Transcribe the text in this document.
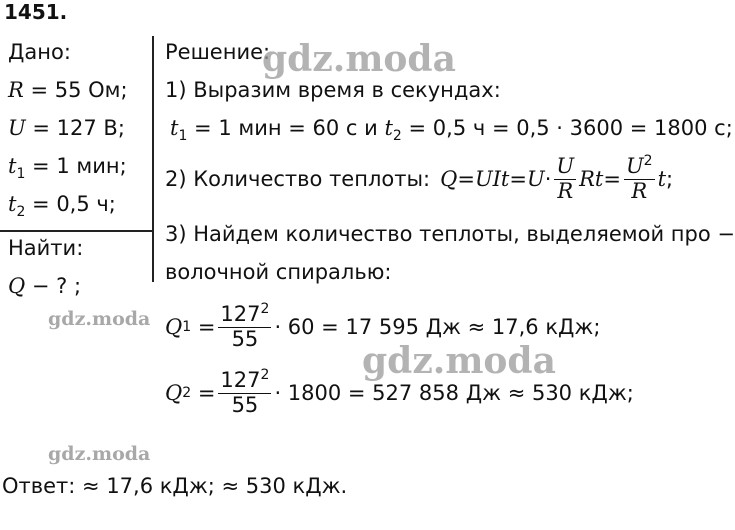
1451.
Дано:
R = 55 Ом;
U = 127 В;
$t_1 = 1$ мин;
$t_2 = 0,5$ ч;
Найти:
Q − ? ;
Решение:
1) Выразим время в секундах:
$t_1 = 1$ мин = 60 с и $t_2 = 0,5$ ч = 0,5 · 3600 = 1800 с;
2) Количество теплоты: Q = UIt = $U \cdot \frac{U}{R}$ $Rt = \frac{U^2}{R}$ t ;
3) Найдем количество теплоты, выделяемой про −
волочной спиралью:
Q $1 = \frac{127^2}{55} \cdot 60 = 17$ 595 Дж ≈ 17,6 кДж;
Q $2 = \frac{127^2}{55} \cdot 1800 = 527$ 858 Дж ≈ 530 кДж;
Ответ: ≈ 17,6 кДж; ≈ 530 кДж.
gdz.moda
gdz.moda
gdz.moda
gdz.moda
